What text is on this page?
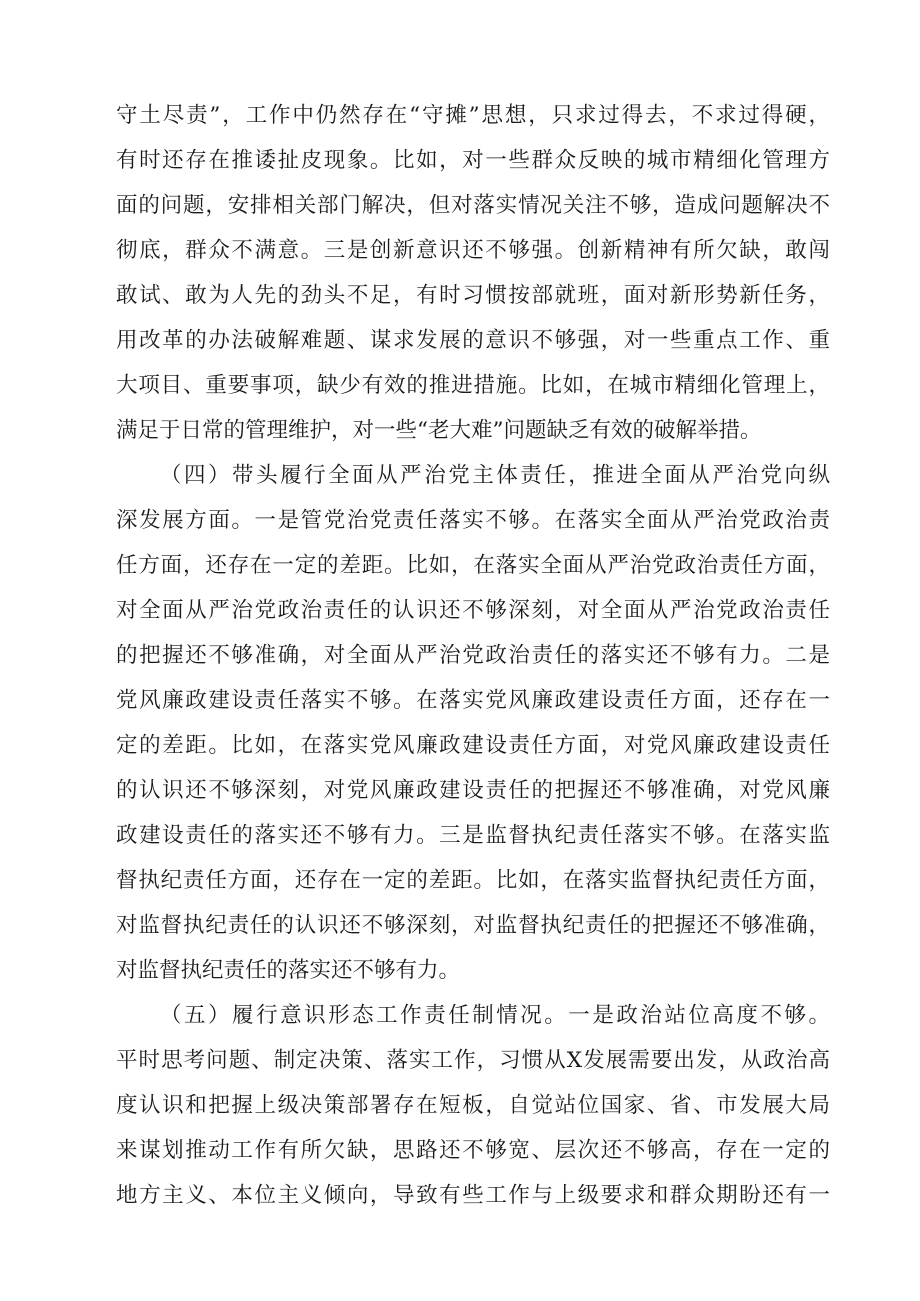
守土尽责”，工作中仍然存在“守摊”思想，只求过得去，不求过得硬，
有时还存在推诿扯皮现象。比如，对一些群众反映的城市精细化管理方
面的问题，安排相关部门解决，但对落实情况关注不够，造成问题解决不
彻底，群众不满意。三是创新意识还不够强。创新精神有所欠缺，敢闯
敢试、敢为人先的劲头不足，有时习惯按部就班，面对新形势新任务，
用改革的办法破解难题、谋求发展的意识不够强，对一些重点工作、重
大项目、重要事项，缺少有效的推进措施。比如，在城市精细化管理上，
满足于日常的管理维护，对一些“老大难”问题缺乏有效的破解举措。
（四）带头履行全面从严治党主体责任，推进全面从严治党向纵
深发展方面。一是管党治党责任落实不够。在落实全面从严治党政治责
任方面，还存在一定的差距。比如，在落实全面从严治党政治责任方面，
对全面从严治党政治责任的认识还不够深刻，对全面从严治党政治责任
的把握还不够准确，对全面从严治党政治责任的落实还不够有力。二是
党风廉政建设责任落实不够。在落实党风廉政建设责任方面，还存在一
定的差距。比如，在落实党风廉政建设责任方面，对党风廉政建设责任
的认识还不够深刻，对党风廉政建设责任的把握还不够准确，对党风廉
政建设责任的落实还不够有力。三是监督执纪责任落实不够。在落实监
督执纪责任方面，还存在一定的差距。比如，在落实监督执纪责任方面，
对监督执纪责任的认识还不够深刻，对监督执纪责任的把握还不够准确，
对监督执纪责任的落实还不够有力。
（五）履行意识形态工作责任制情况。一是政治站位高度不够。
平时思考问题、制定决策、落实工作，习惯从X发展需要出发，从政治高
度认识和把握上级决策部署存在短板，自觉站位国家、省、市发展大局
来谋划推动工作有所欠缺，思路还不够宽、层次还不够高，存在一定的
地方主义、本位主义倾向，导致有些工作与上级要求和群众期盼还有一
